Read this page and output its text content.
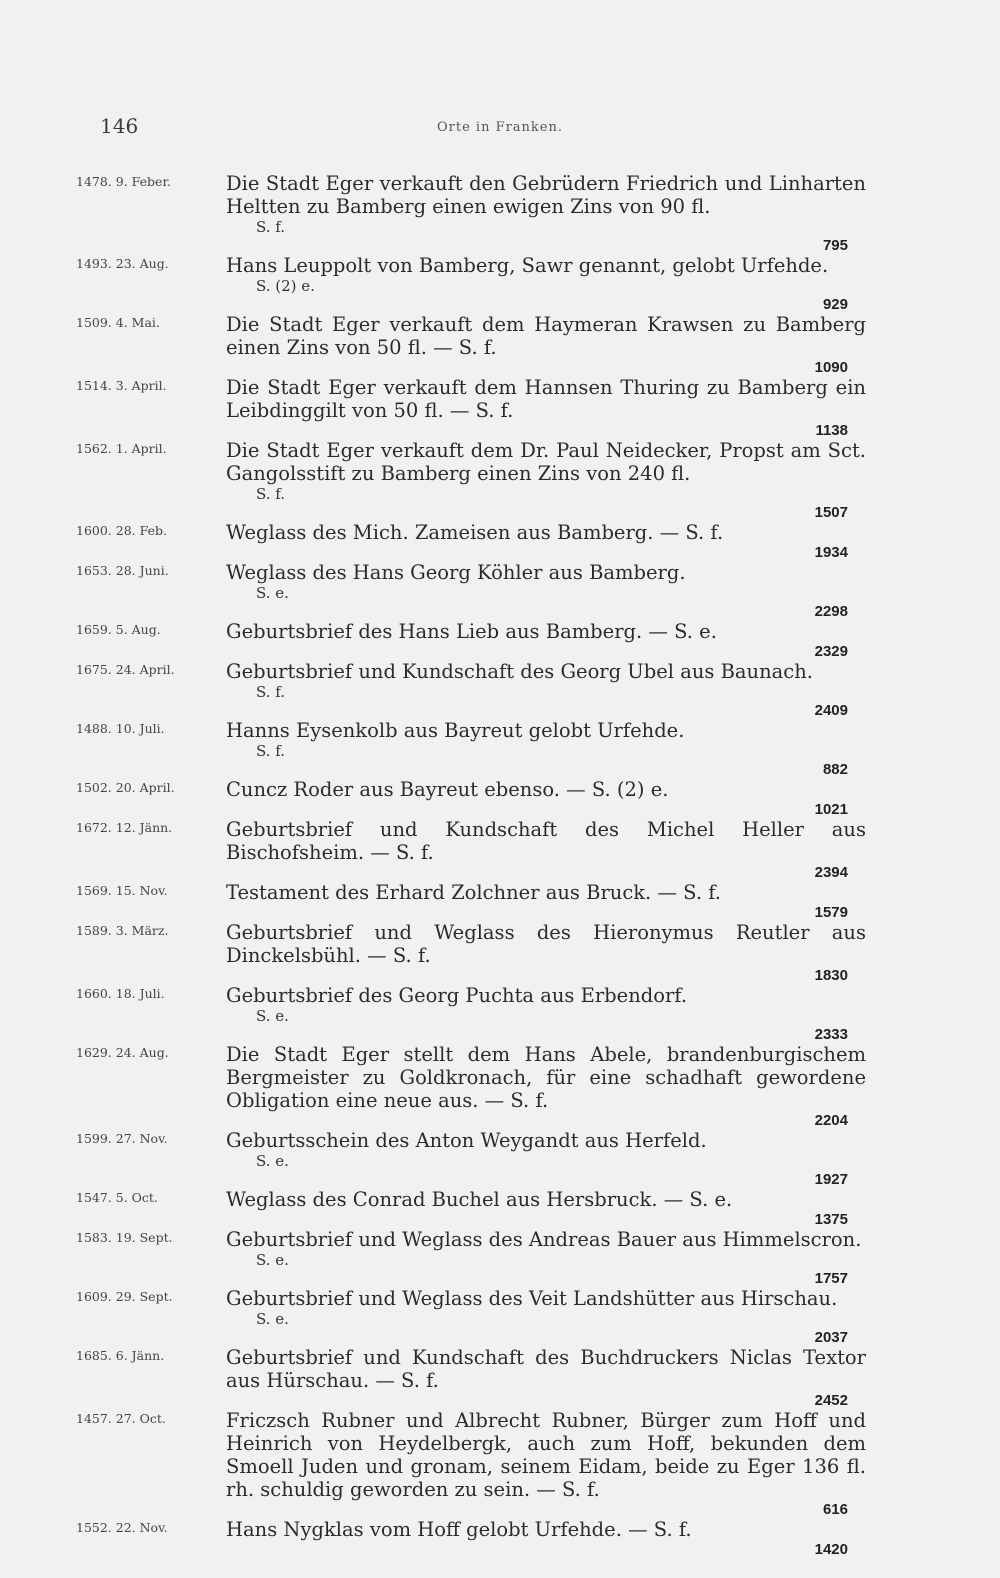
146	Orte in Franken.
1478. 9. Feber.	Die Stadt Eger verkauft den Gebrüdern Friedrich und Linharten Heltten zu Bamberg einen ewigen Zins von 90 fl.
S. f.
795
1493. 23. Aug.	Hans Leuppolt von Bamberg, Sawr genannt, gelobt Urfehde.
S. (2) e.
929
1509. 4. Mai.	Die Stadt Eger verkauft dem Haymeran Krawsen zu Bamberg einen Zins von 50 fl. — S. f.
1090
1514. 3. April.	Die Stadt Eger verkauft dem Hannsen Thuring zu Bamberg ein Leibdinggilt von 50 fl. — S. f.
1138
1562. 1. April.	Die Stadt Eger verkauft dem Dr. Paul Neidecker, Propst am Sct. Gangolsstift zu Bamberg einen Zins von 240 fl.
S. f.
1507
1600. 28. Feb.	Weglass des Mich. Zameisen aus Bamberg. — S. f.
1934
1653. 28. Juni.	Weglass des Hans Georg Köhler aus Bamberg.
S. e.
2298
1659. 5. Aug.	Geburtsbrief des Hans Lieb aus Bamberg. — S. e.
2329
1675. 24. April.	Geburtsbrief und Kundschaft des Georg Ubel aus Baunach.
S. f.
2409
1488. 10. Juli.	Hanns Eysenkolb aus Bayreut gelobt Urfehde.
S. f.
882
1502. 20. April.	Cuncz Roder aus Bayreut ebenso. — S. (2) e.
1021
1672. 12. Jänn.	Geburtsbrief und Kundschaft des Michel Heller aus Bischofsheim. — S. f.
2394
1569. 15. Nov.	Testament des Erhard Zolchner aus Bruck. — S. f.
1579
1589. 3. März.	Geburtsbrief und Weglass des Hieronymus Reutler aus Dinckelsbühl. — S. f.
1830
1660. 18. Juli.	Geburtsbrief des Georg Puchta aus Erbendorf.
S. e.
2333
1629. 24. Aug.	Die Stadt Eger stellt dem Hans Abele, brandenburgischem Bergmeister zu Goldkronach, für eine schadhaft gewordene Obligation eine neue aus. — S. f.
2204
1599. 27. Nov.	Geburtsschein des Anton Weygandt aus Herfeld.
S. e.
1927
1547. 5. Oct.	Weglass des Conrad Buchel aus Hersbruck. — S. e.
1375
1583. 19. Sept.	Geburtsbrief und Weglass des Andreas Bauer aus Himmelscron.
S. e.
1757
1609. 29. Sept.	Geburtsbrief und Weglass des Veit Landshütter aus Hirschau.
S. e.
2037
1685. 6. Jänn.	Geburtsbrief und Kundschaft des Buchdruckers Niclas Textor aus Hürschau. — S. f.
2452
1457. 27. Oct.	Friczsch Rubner und Albrecht Rubner, Bürger zum Hoff und Heinrich von Heydelbergk, auch zum Hoff, bekunden dem Smoell Juden und gronam, seinem Eidam, beide zu Eger 136 fl. rh. schuldig geworden zu sein. — S. f.
616
1552. 22. Nov.	Hans Nygklas vom Hoff gelobt Urfehde. — S. f.
1420
